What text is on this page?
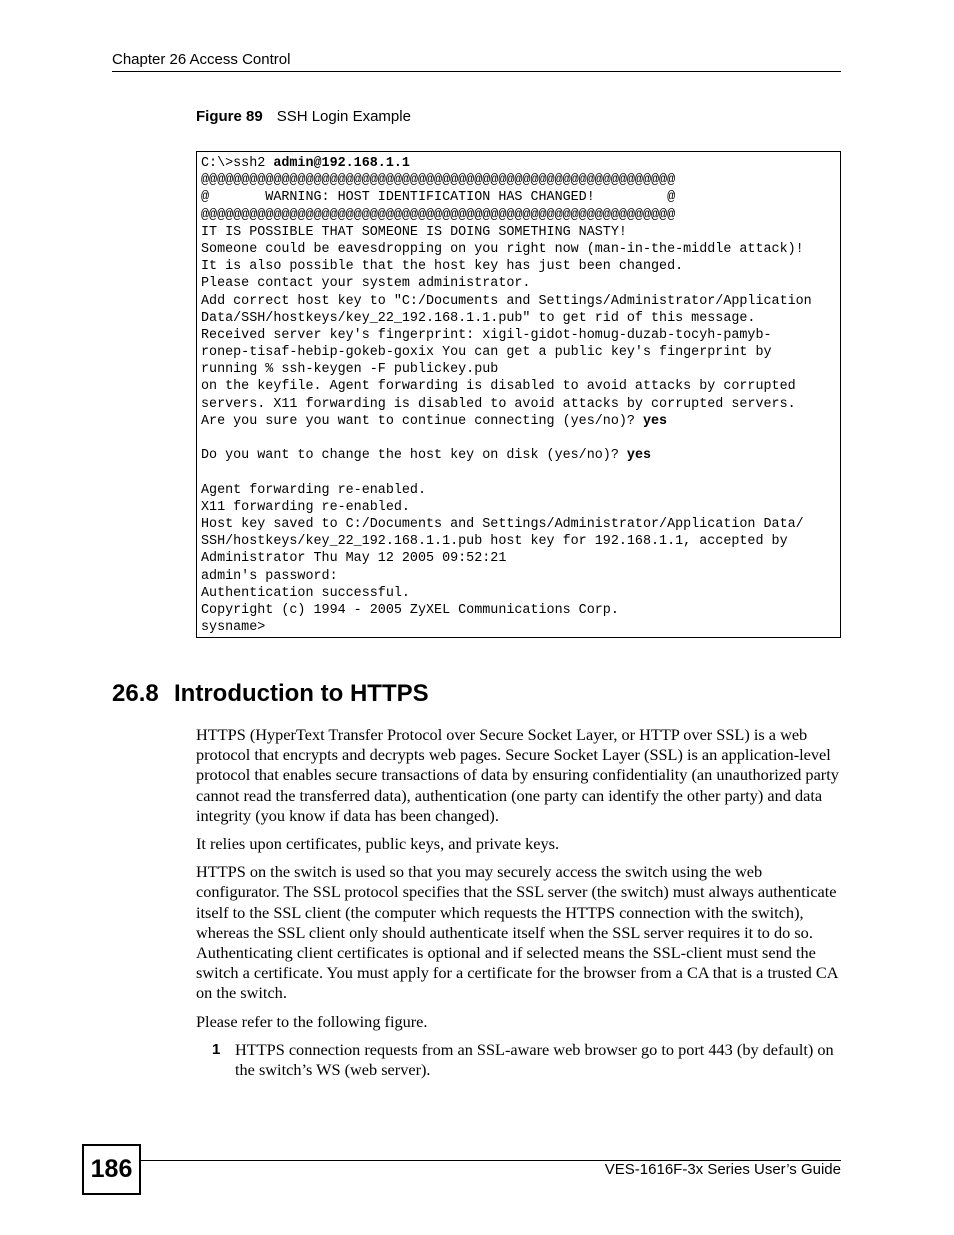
Chapter 26 Access Control
Figure 89 SSH Login Example
C:\>ssh2 admin@192.168.1.1
@@@@@@@@@@@@@@@@@@@@@@@@@@@@@@@@@@@@@@@@@@@@@@@@@@@@@@@@@@@
@       WARNING: HOST IDENTIFICATION HAS CHANGED!         @
@@@@@@@@@@@@@@@@@@@@@@@@@@@@@@@@@@@@@@@@@@@@@@@@@@@@@@@@@@@
IT IS POSSIBLE THAT SOMEONE IS DOING SOMETHING NASTY!
Someone could be eavesdropping on you right now (man-in-the-middle attack)!
It is also possible that the host key has just been changed.
Please contact your system administrator.
Add correct host key to "C:/Documents and Settings/Administrator/Application
Data/SSH/hostkeys/key_22_192.168.1.1.pub" to get rid of this message.
Received server key's fingerprint: xigil-gidot-homug-duzab-tocyh-pamyb-
ronep-tisaf-hebip-gokeb-goxix You can get a public key's fingerprint by
running % ssh-keygen -F publickey.pub
on the keyfile. Agent forwarding is disabled to avoid attacks by corrupted
servers. X11 forwarding is disabled to avoid attacks by corrupted servers.
Are you sure you want to continue connecting (yes/no)? yes
Do you want to change the host key on disk (yes/no)? yes
Agent forwarding re-enabled.
X11 forwarding re-enabled.
Host key saved to C:/Documents and Settings/Administrator/Application Data/
SSH/hostkeys/key_22_192.168.1.1.pub host key for 192.168.1.1, accepted by
Administrator Thu May 12 2005 09:52:21
admin's password:
Authentication successful.
Copyright (c) 1994 - 2005 ZyXEL Communications Corp.
sysname>
26.8 Introduction to HTTPS

HTTPS (HyperText Transfer Protocol over Secure Socket Layer, or HTTP over SSL) is a web protocol that encrypts and decrypts web pages. Secure Socket Layer (SSL) is an application-level protocol that enables secure transactions of data by ensuring confidentiality (an unauthorized party cannot read the transferred data), authentication (one party can identify the other party) and data integrity (you know if data has been changed).

It relies upon certificates, public keys, and private keys.

HTTPS on the switch is used so that you may securely access the switch using the web configurator. The SSL protocol specifies that the SSL server (the switch) must always authenticate itself to the SSL client (the computer which requests the HTTPS connection with the switch), whereas the SSL client only should authenticate itself when the SSL server requires it to do so. Authenticating client certificates is optional and if selected means the SSL-client must send the switch a certificate. You must apply for a certificate for the browser from a CA that is a trusted CA on the switch.

Please refer to the following figure.

1 HTTPS connection requests from an SSL-aware web browser go to port 443 (by default) on the switch’s WS (web server).
186	VES-1616F-3x Series User’s Guide
